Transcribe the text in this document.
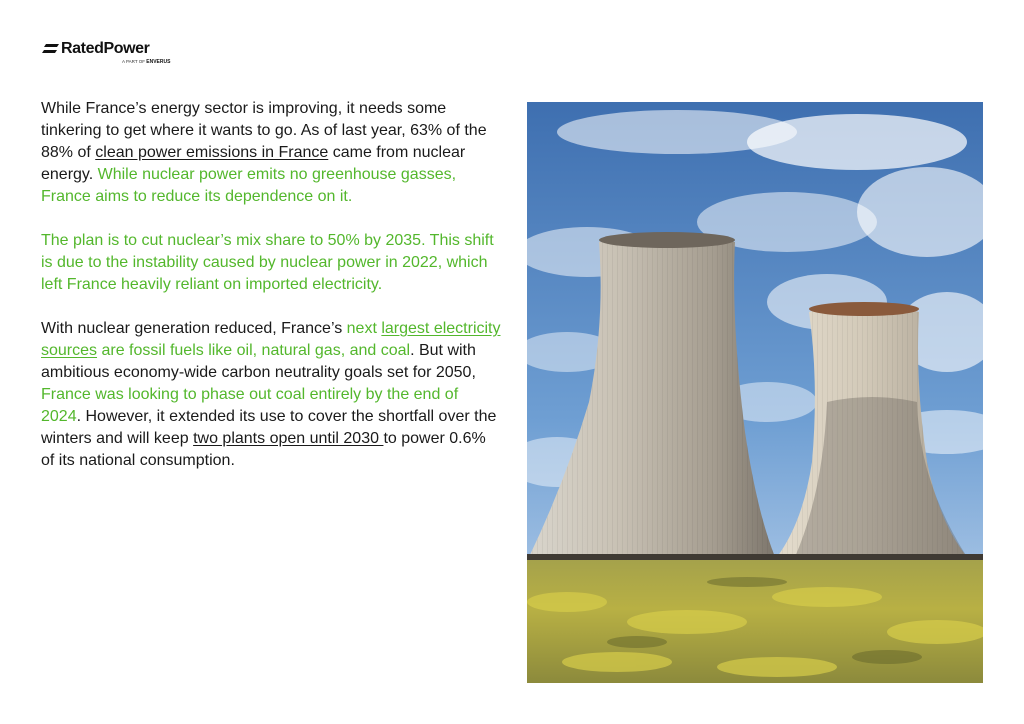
RatedPower
A PART OF ENVERUS

While France’s energy sector is improving, it needs some tinkering to get where it wants to go. As of last year, 63% of the 88% of clean power emissions in France came from nuclear energy. While nuclear power emits no greenhouse gasses, France aims to reduce its dependence on it.

The plan is to cut nuclear’s mix share to 50% by 2035. This shift is due to the instability caused by nuclear power in 2022, which left France heavily reliant on imported electricity.

With nuclear generation reduced, France’s next largest electricity sources are fossil fuels like oil, natural gas, and coal. But with ambitious economy-wide carbon neutrality goals set for 2050, France was looking to phase out coal entirely by the end of 2024. However, it extended its use to cover the shortfall over the winters and will keep two plants open until 2030 to power 0.6% of its national consumption.
